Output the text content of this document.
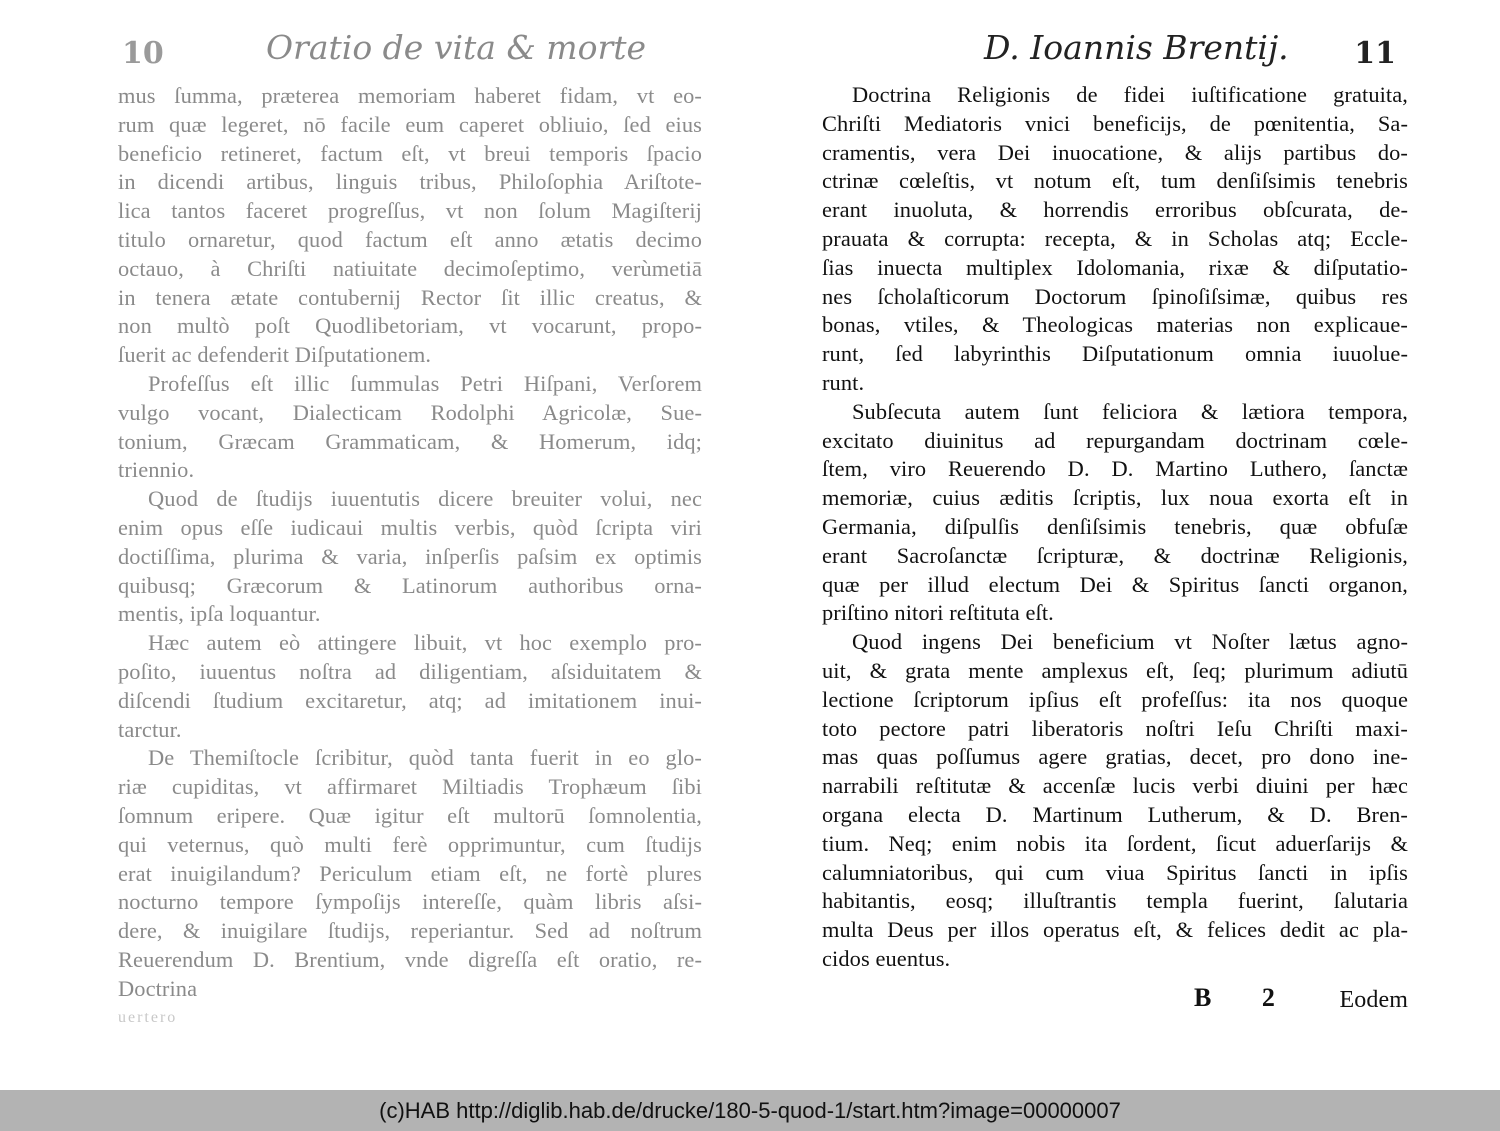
10	Oratio de vita & morte
mus ſumma, præterea memoriam haberet fidam, vt eo-
rum quæ legeret, nō facile eum caperet obliuio, ſed eius
beneficio retineret, factum eſt, vt breui temporis ſpacio
in dicendi artibus, linguis tribus, Philoſophia Ariſtote-
lica tantos faceret progreſſus, vt non ſolum Magiſterij
titulo ornaretur, quod factum eſt anno ætatis decimo
octauo, à Chriſti natiuitate decimoſeptimo, verùmetiā
in tenera ætate contubernij Rector ſit illic creatus, &
non multò poſt Quodlibetoriam, vt vocarunt, propo-
ſuerit ac defenderit Diſputationem.
Profeſſus eſt illic ſummulas Petri Hiſpani, Verſorem
vulgo vocant, Dialecticam Rodolphi Agricolæ, Sue-
tonium, Græcam Grammaticam, & Homerum, idq;
triennio.
Quod de ſtudijs iuuentutis dicere breuiter volui, nec
enim opus eſſe iudicaui multis verbis, quòd ſcripta viri
doctiſſima, plurima & varia, inſperſis paſsim ex optimis
quibusq; Græcorum & Latinorum authoribus orna-
mentis, ipſa loquantur.
Hæc autem eò attingere libuit, vt hoc exemplo pro-
poſito, iuuentus noſtra ad diligentiam, aſsiduitatem &
diſcendi ſtudium excitaretur, atq; ad imitationem inui-
tarctur.
De Themiſtocle ſcribitur, quòd tanta fuerit in eo glo-
riæ cupiditas, vt affirmaret Miltiadis Trophæum ſibi
ſomnum eripere. Quæ igitur eſt multorū ſomnolentia,
qui veternus, quò multi ferè opprimuntur, cum ſtudijs
erat inuigilandum? Periculum etiam eſt, ne fortè plures
nocturno tempore ſympoſijs intereſſe, quàm libris aſsi-
dere, & inuigilare ſtudijs, reperiantur. Sed ad noſtrum
Reuerendum D. Brentium, vnde digreſſa eſt oratio, re-
Doctrina
uertero
D. Ioannis Brentij. 11
Doctrina Religionis de fidei iuſtificatione gratuita,
Chriſti Mediatoris vnici beneficijs, de pœnitentia, Sa-
cramentis, vera Dei inuocatione, & alijs partibus do-
ctrinæ cœleſtis, vt notum eſt, tum denſiſsimis tenebris
erant inuoluta, & horrendis erroribus obſcurata, de-
prauata & corrupta: recepta, & in Scholas atq; Eccle-
ſias inuecta multiplex Idolomania, rixæ & diſputatio-
nes ſcholaſticorum Doctorum ſpinoſiſsimæ, quibus res
bonas, vtiles, & Theologicas materias non explicaue-
runt, ſed labyrinthis Diſputationum omnia iuuolue-
runt.
Subſecuta autem ſunt feliciora & lætiora tempora,
excitato diuinitus ad repurgandam doctrinam cœle-
ſtem, viro Reuerendo D. D. Martino Luthero, ſanctæ
memoriæ, cuius æditis ſcriptis, lux noua exorta eſt in
Germania, diſpulſis denſiſsimis tenebris, quæ obfuſæ
erant Sacroſanctæ ſcripturæ, & doctrinæ Religionis,
quæ per illud electum Dei & Spiritus ſancti organon,
priſtino nitori reſtituta eſt.
Quod ingens Dei beneficium vt Noſter lætus agno-
uit, & grata mente amplexus eſt, ſeq; plurimum adiutū
lectione ſcriptorum ipſius eſt profeſſus: ita nos quoque
toto pectore patri liberatoris noſtri Ieſu Chriſti maxi-
mas quas poſſumus agere gratias, decet, pro dono ine-
narrabili reſtitutæ & accenſæ lucis verbi diuini per hæc
organa electa D. Martinum Lutherum, & D. Bren-
tium. Neq; enim nobis ita ſordent, ſicut aduerſarijs &
calumniatoribus, qui cum viua Spiritus ſancti in ipſis
habitantis, eosq; illuſtrantis templa fuerint, ſalutaria
multa Deus per illos operatus eſt, & felices dedit ac pla-
cidos euentus.
B 2 Eodem
(c)HAB http://diglib.hab.de/drucke/180-5-quod-1/start.htm?image=00000007
